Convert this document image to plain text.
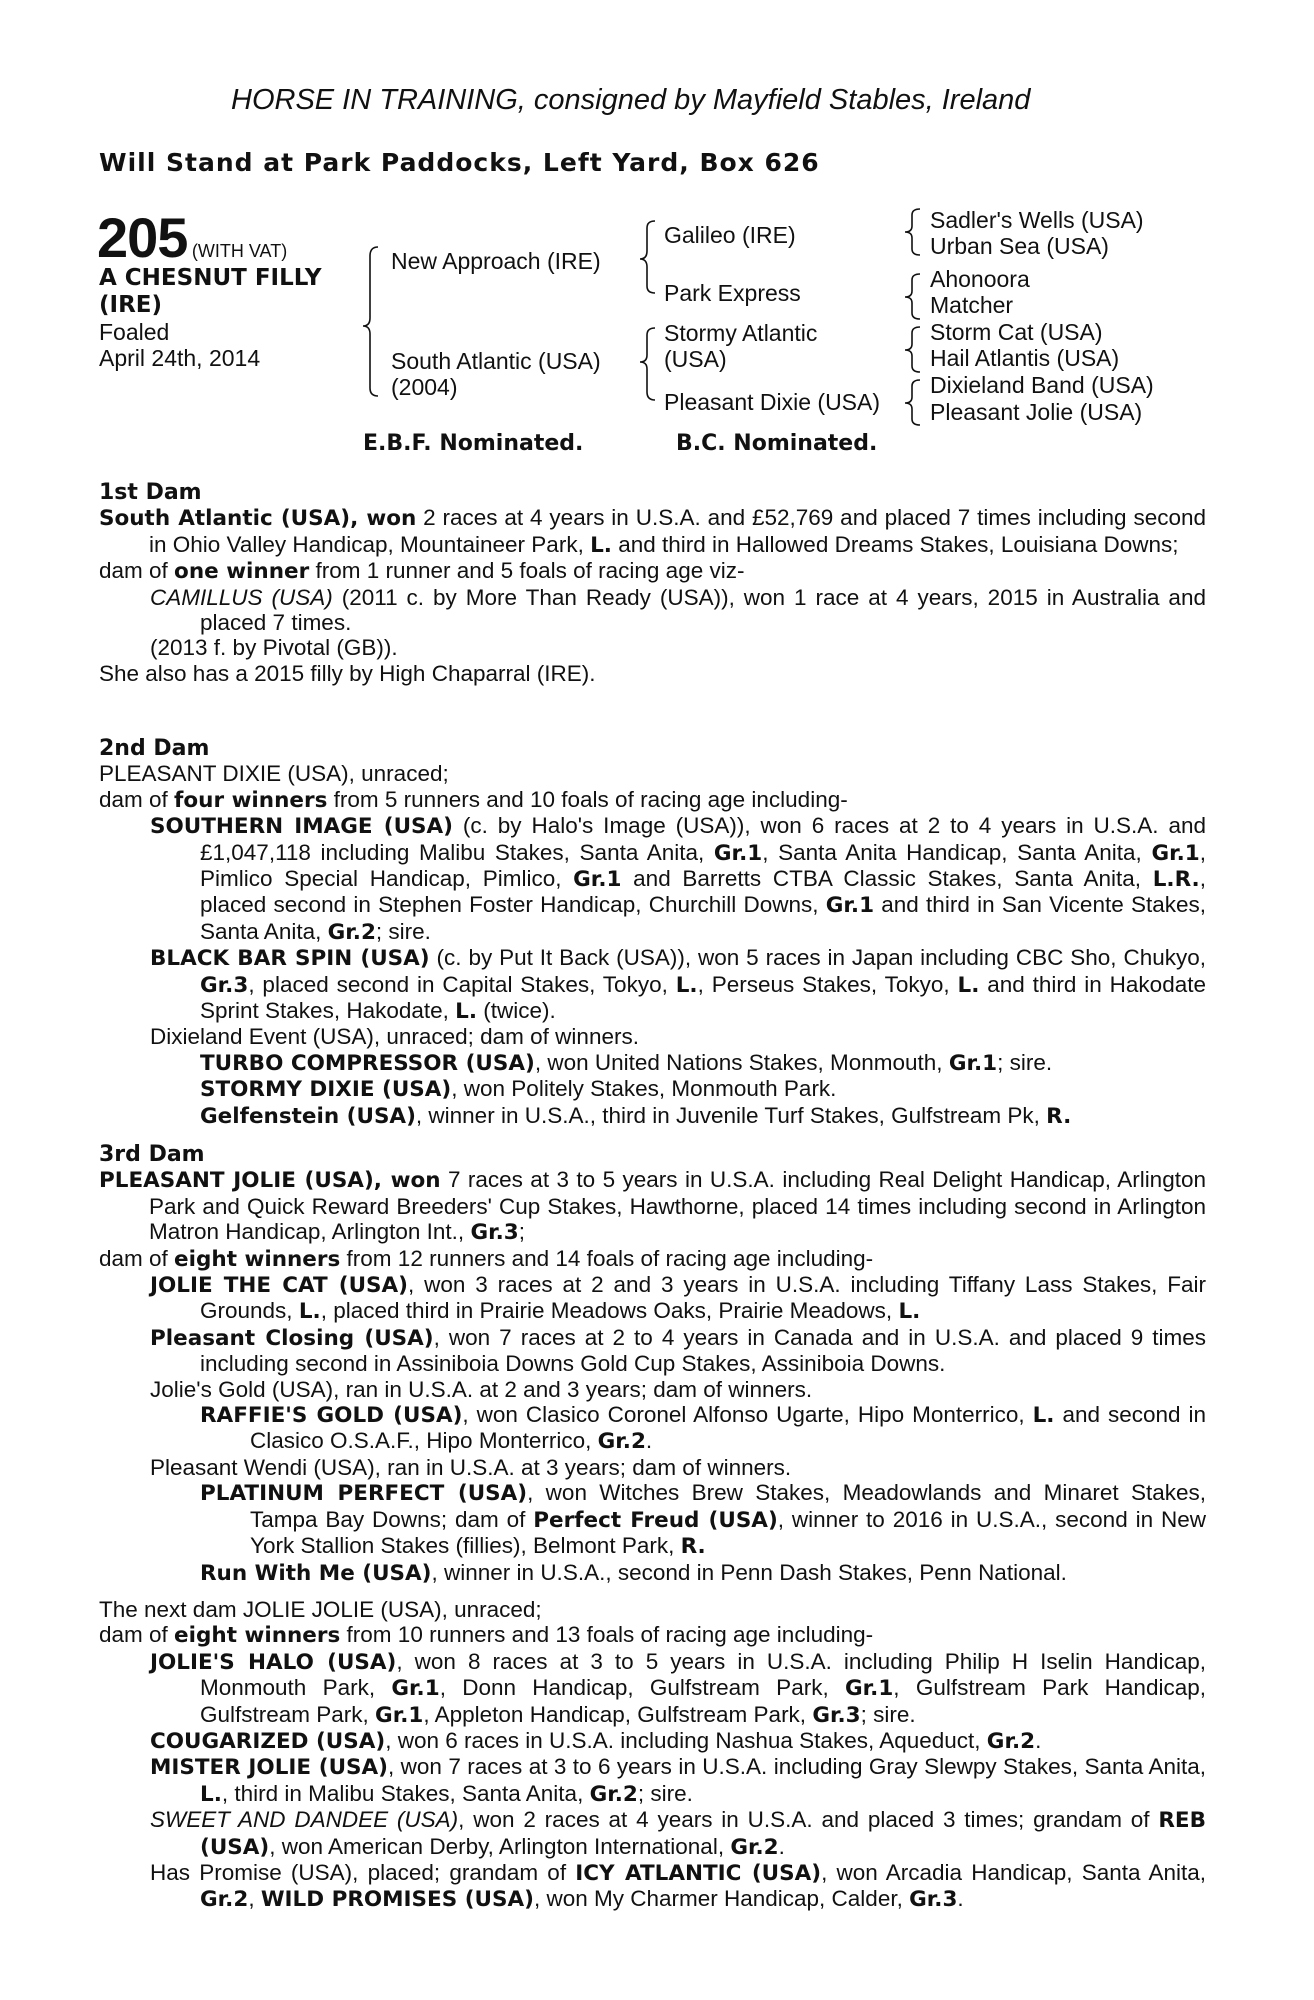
HORSE IN TRAINING, consigned by Mayfield Stables, Ireland
Will Stand at Park Paddocks, Left Yard, Box 626
205 (WITH VAT)
A CHESNUT FILLY
(IRE)
Foaled
April 24th, 2014
New Approach (IRE)
South Atlantic (USA)
(2004)
Galileo (IRE)
Park Express
Stormy Atlantic
(USA)
Pleasant Dixie (USA)
Sadler's Wells (USA)
Urban Sea (USA)
Ahonoora
Matcher
Storm Cat (USA)
Hail Atlantis (USA)
Dixieland Band (USA)
Pleasant Jolie (USA)
E.B.F. Nominated.	B.C. Nominated.

1st Dam

South Atlantic (USA), won 2 races at 4 years in U.S.A. and £52,769 and placed 7 times including second in Ohio Valley Handicap, Mountaineer Park, L. and third in Hallowed Dreams Stakes, Louisiana Downs;

dam of one winner from 1 runner and 5 foals of racing age viz-

CAMILLUS (USA) (2011 c. by More Than Ready (USA)), won 1 race at 4 years, 2015 in Australia and placed 7 times.

(2013 f. by Pivotal (GB)).

She also has a 2015 filly by High Chaparral (IRE).

2nd Dam

PLEASANT DIXIE (USA), unraced;

dam of four winners from 5 runners and 10 foals of racing age including-

SOUTHERN IMAGE (USA) (c. by Halo's Image (USA)), won 6 races at 2 to 4 years in U.S.A. and £1,047,118 including Malibu Stakes, Santa Anita, Gr.1, Santa Anita Handicap, Santa Anita, Gr.1, Pimlico Special Handicap, Pimlico, Gr.1 and Barretts CTBA Classic Stakes, Santa Anita, L.R., placed second in Stephen Foster Handicap, Churchill Downs, Gr.1 and third in San Vicente Stakes, Santa Anita, Gr.2; sire.

BLACK BAR SPIN (USA) (c. by Put It Back (USA)), won 5 races in Japan including CBC Sho, Chukyo, Gr.3, placed second in Capital Stakes, Tokyo, L., Perseus Stakes, Tokyo, L. and third in Hakodate Sprint Stakes, Hakodate, L. (twice).

Dixieland Event (USA), unraced; dam of winners.

TURBO COMPRESSOR (USA), won United Nations Stakes, Monmouth, Gr.1; sire.

STORMY DIXIE (USA), won Politely Stakes, Monmouth Park.

Gelfenstein (USA), winner in U.S.A., third in Juvenile Turf Stakes, Gulfstream Pk, R.

3rd Dam

PLEASANT JOLIE (USA), won 7 races at 3 to 5 years in U.S.A. including Real Delight Handicap, Arlington Park and Quick Reward Breeders' Cup Stakes, Hawthorne, placed 14 times including second in Arlington Matron Handicap, Arlington Int., Gr.3;

dam of eight winners from 12 runners and 14 foals of racing age including-

JOLIE THE CAT (USA), won 3 races at 2 and 3 years in U.S.A. including Tiffany Lass Stakes, Fair Grounds, L., placed third in Prairie Meadows Oaks, Prairie Meadows, L.

Pleasant Closing (USA), won 7 races at 2 to 4 years in Canada and in U.S.A. and placed 9 times including second in Assiniboia Downs Gold Cup Stakes, Assiniboia Downs.

Jolie's Gold (USA), ran in U.S.A. at 2 and 3 years; dam of winners.

RAFFIE'S GOLD (USA), won Clasico Coronel Alfonso Ugarte, Hipo Monterrico, L. and second in Clasico O.S.A.F., Hipo Monterrico, Gr.2.

Pleasant Wendi (USA), ran in U.S.A. at 3 years; dam of winners.

PLATINUM PERFECT (USA), won Witches Brew Stakes, Meadowlands and Minaret Stakes, Tampa Bay Downs; dam of Perfect Freud (USA), winner to 2016 in U.S.A., second in New York Stallion Stakes (fillies), Belmont Park, R.

Run With Me (USA), winner in U.S.A., second in Penn Dash Stakes, Penn National.

The next dam JOLIE JOLIE (USA), unraced;

dam of eight winners from 10 runners and 13 foals of racing age including-

JOLIE'S HALO (USA), won 8 races at 3 to 5 years in U.S.A. including Philip H Iselin Handicap, Monmouth Park, Gr.1, Donn Handicap, Gulfstream Park, Gr.1, Gulfstream Park Handicap, Gulfstream Park, Gr.1, Appleton Handicap, Gulfstream Park, Gr.3; sire.

COUGARIZED (USA), won 6 races in U.S.A. including Nashua Stakes, Aqueduct, Gr.2.

MISTER JOLIE (USA), won 7 races at 3 to 6 years in U.S.A. including Gray Slewpy Stakes, Santa Anita, L., third in Malibu Stakes, Santa Anita, Gr.2; sire.

SWEET AND DANDEE (USA), won 2 races at 4 years in U.S.A. and placed 3 times; grandam of REB (USA), won American Derby, Arlington International, Gr.2.

Has Promise (USA), placed; grandam of ICY ATLANTIC (USA), won Arcadia Handicap, Santa Anita, Gr.2, WILD PROMISES (USA), won My Charmer Handicap, Calder, Gr.3.
